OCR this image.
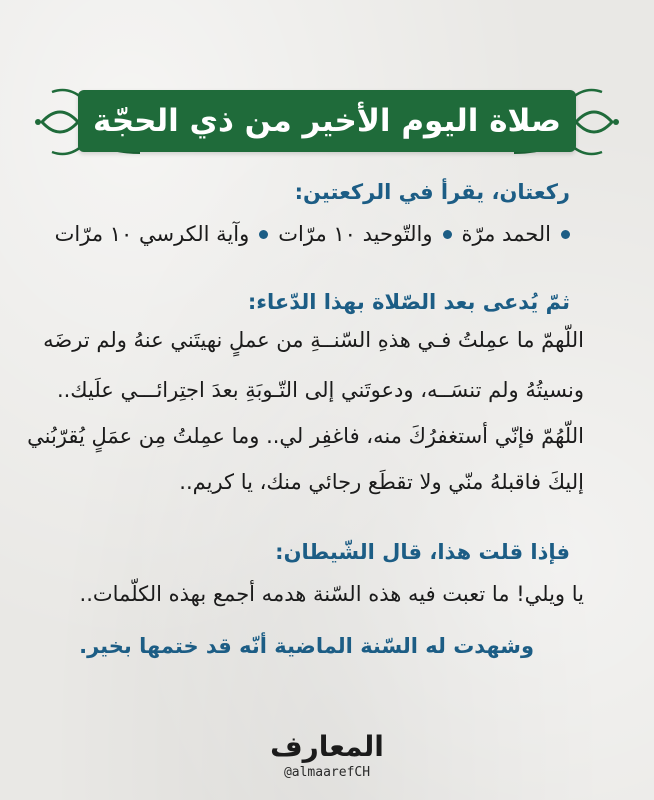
صلاة اليوم الأخير من ذي الحجّة
ركعتان، يقرأ في الركعتين:
الحمد مرّة
والتّوحيد ١٠ مرّات
وآية الكرسي ١٠ مرّات
ثمّ يُدعى بعد الصّلاة بهذا الدّعاء:
اللّهمّ ما عمِلتُ فـي هذهِ السّنــةِ من عملٍ نهيتَني عنهُ ولم ترضَه
ونسيتُهُ ولم تنسَــه، ودعوتَني إلى التّـوبَةِ بعدَ اجتِرائـــي علَيك..
اللّهُمّ فإنّي أستغفرُكَ منه، فاغفِر لي.. وما عمِلتُ مِن عمَلٍ يُقرّبُني
إليكَ فاقبلهُ منّي ولا تقطَع رجائي منك، يا كريم..
فإذا قلت هذا، قال الشّيطان:
يا ويلي! ما تعبت فيه هذه السّنة هدمه أجمع بهذه الكلّمات..
وشهدت له السّنة الماضية أنّه قد ختمها بخير.
المعارف
@almaarefCH
